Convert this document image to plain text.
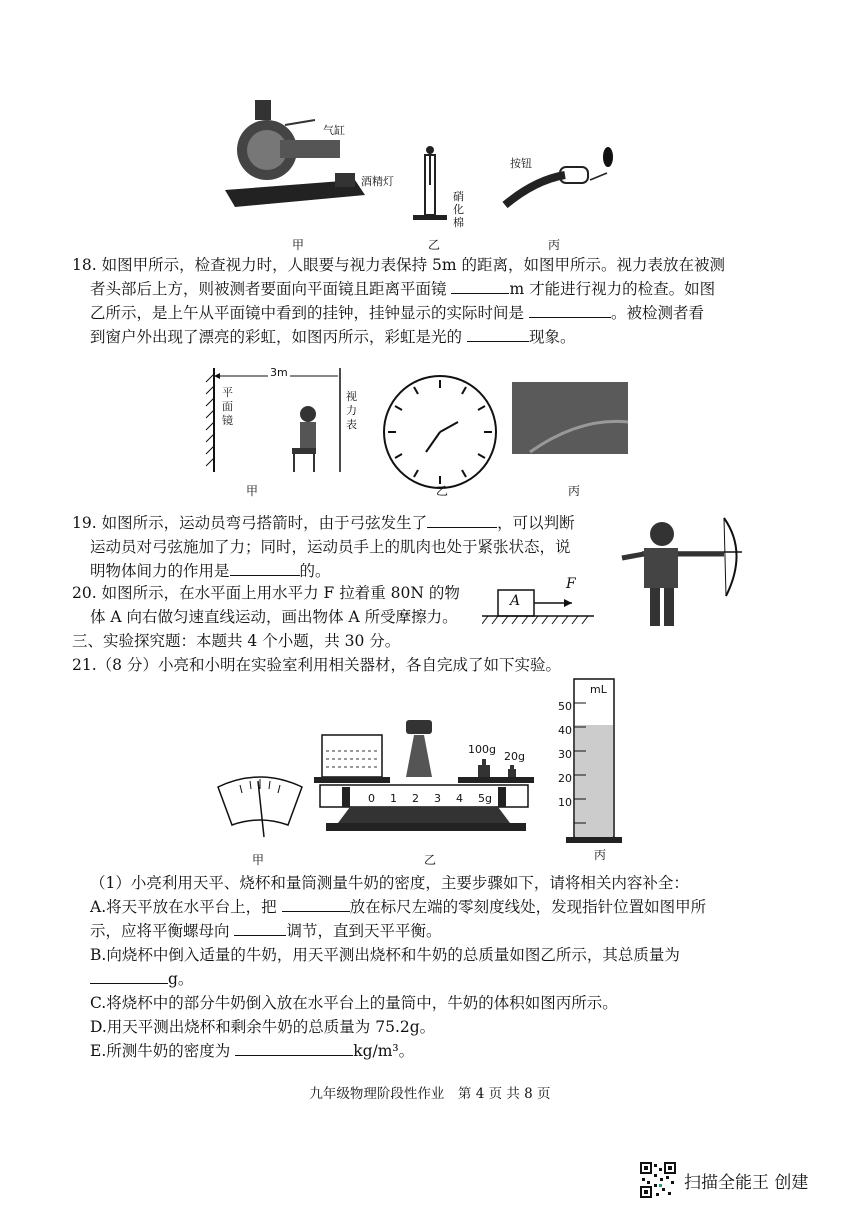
气缸
酒精灯
硝化棉
按钮
甲	乙	丙
18. 如图甲所示，检查视力时，人眼要与视力表保持 5m 的距离，如图甲所示。视力表放在被测
者头部后上方，则被测者要面向平面镜且距离平面镜	m 才能进行视力的检查。如图
乙所示，是上午从平面镜中看到的挂钟，挂钟显示的实际时间是	。被检测者看
到窗户外出现了漂亮的彩虹，如图丙所示，彩虹是光的	现象。
3m
平
面
镜
视
力
表
甲	乙	丙
19. 如图所示，运动员弯弓搭箭时，由于弓弦发生了	，可以判断
运动员对弓弦施加了力；同时，运动员手上的肌肉也处于紧张状态，说
明物体间力的作用是	的。
20. 如图所示，在水平面上用水平力 F 拉着重 80N 的物
体 A 向右做匀速直线运动，画出物体 A 所受摩擦力。
A
F
三、实验探究题：本题共 4 个小题，共 30 分。
21.（8 分）小亮和小明在实验室利用相关器材，各自完成了如下实验。
100g
20g
0 1 2 3 4 5g
mL
50
40
30
20
10
甲	乙	丙
（1）小亮利用天平、烧杯和量筒测量牛奶的密度，主要步骤如下，请将相关内容补全：
A.将天平放在水平台上，把	放在标尺左端的零刻度线处，发现指针位置如图甲所
示，应将平衡螺母向	调节，直到天平平衡。
B.向烧杯中倒入适量的牛奶，用天平测出烧杯和牛奶的总质量如图乙所示，其总质量为
g。
C.将烧杯中的部分牛奶倒入放在水平台上的量筒中，牛奶的体积如图丙所示。
D.用天平测出烧杯和剩余牛奶的总质量为 75.2g。
E.所测牛奶的密度为	kg/m³。
九年级物理阶段性作业　第 4 页 共 8 页
扫描全能王 创建
